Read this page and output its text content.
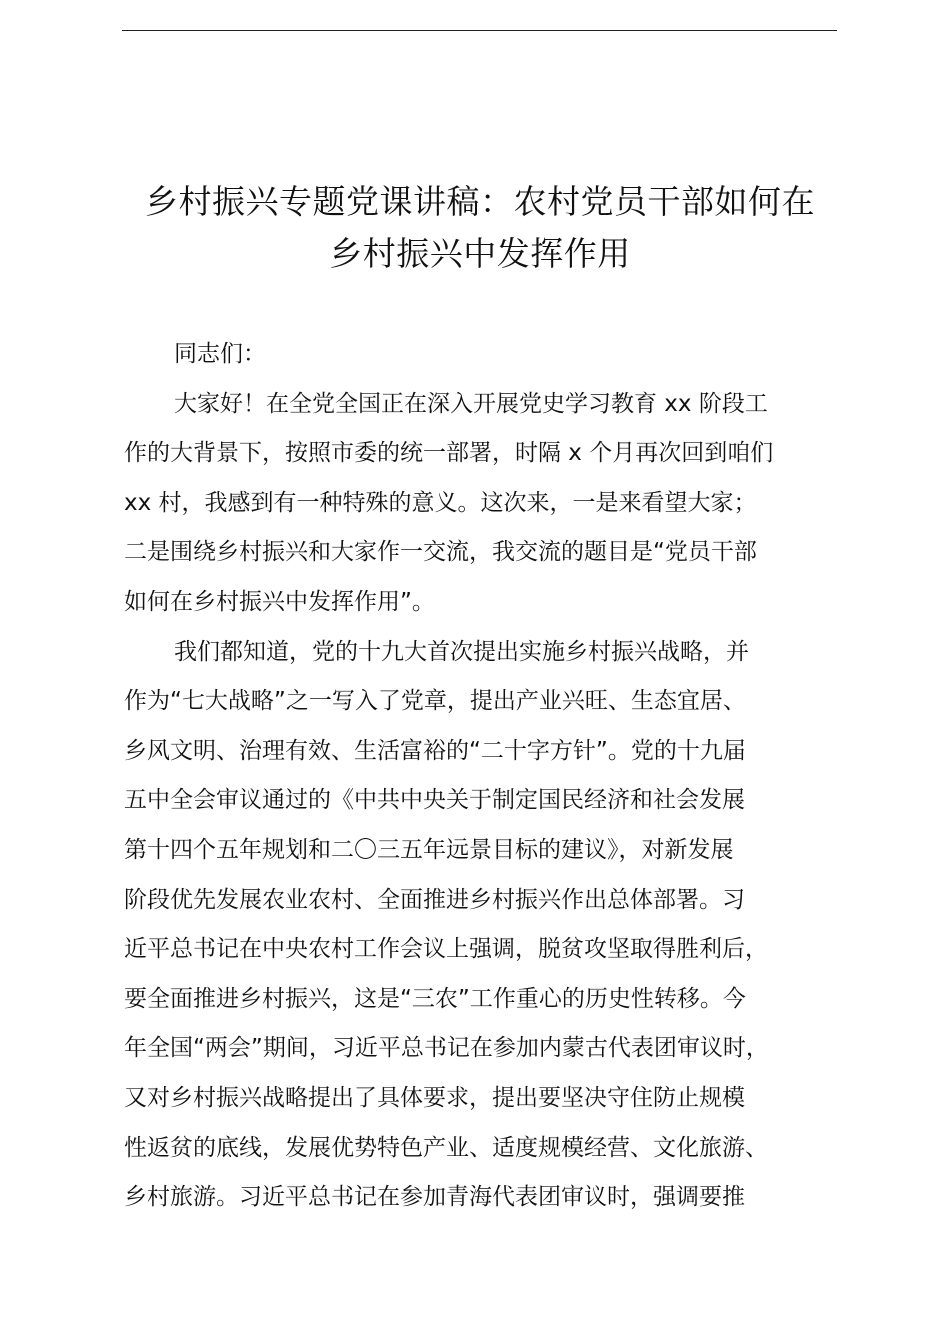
乡村振兴专题党课讲稿：农村党员干部如何在
乡村振兴中发挥作用
同志们：
大家好！在全党全国正在深入开展党史学习教育 xx 阶段工
作的大背景下，按照市委的统一部署，时隔 x 个月再次回到咱们
xx 村，我感到有一种特殊的意义。这次来，一是来看望大家；
二是围绕乡村振兴和大家作一交流，我交流的题目是“党员干部
如何在乡村振兴中发挥作用”。
我们都知道，党的十九大首次提出实施乡村振兴战略，并
作为“七大战略”之一写入了党章，提出产业兴旺、生态宜居、
乡风文明、治理有效、生活富裕的“二十字方针”。党的十九届
五中全会审议通过的《中共中央关于制定国民经济和社会发展
第十四个五年规划和二〇三五年远景目标的建议》，对新发展
阶段优先发展农业农村、全面推进乡村振兴作出总体部署。习
近平总书记在中央农村工作会议上强调，脱贫攻坚取得胜利后，
要全面推进乡村振兴，这是“三农”工作重心的历史性转移。今
年全国“两会”期间，习近平总书记在参加内蒙古代表团审议时，
又对乡村振兴战略提出了具体要求，提出要坚决守住防止规模
性返贫的底线，发展优势特色产业、适度规模经营、文化旅游、
乡村旅游。习近平总书记在参加青海代表团审议时，强调要推
